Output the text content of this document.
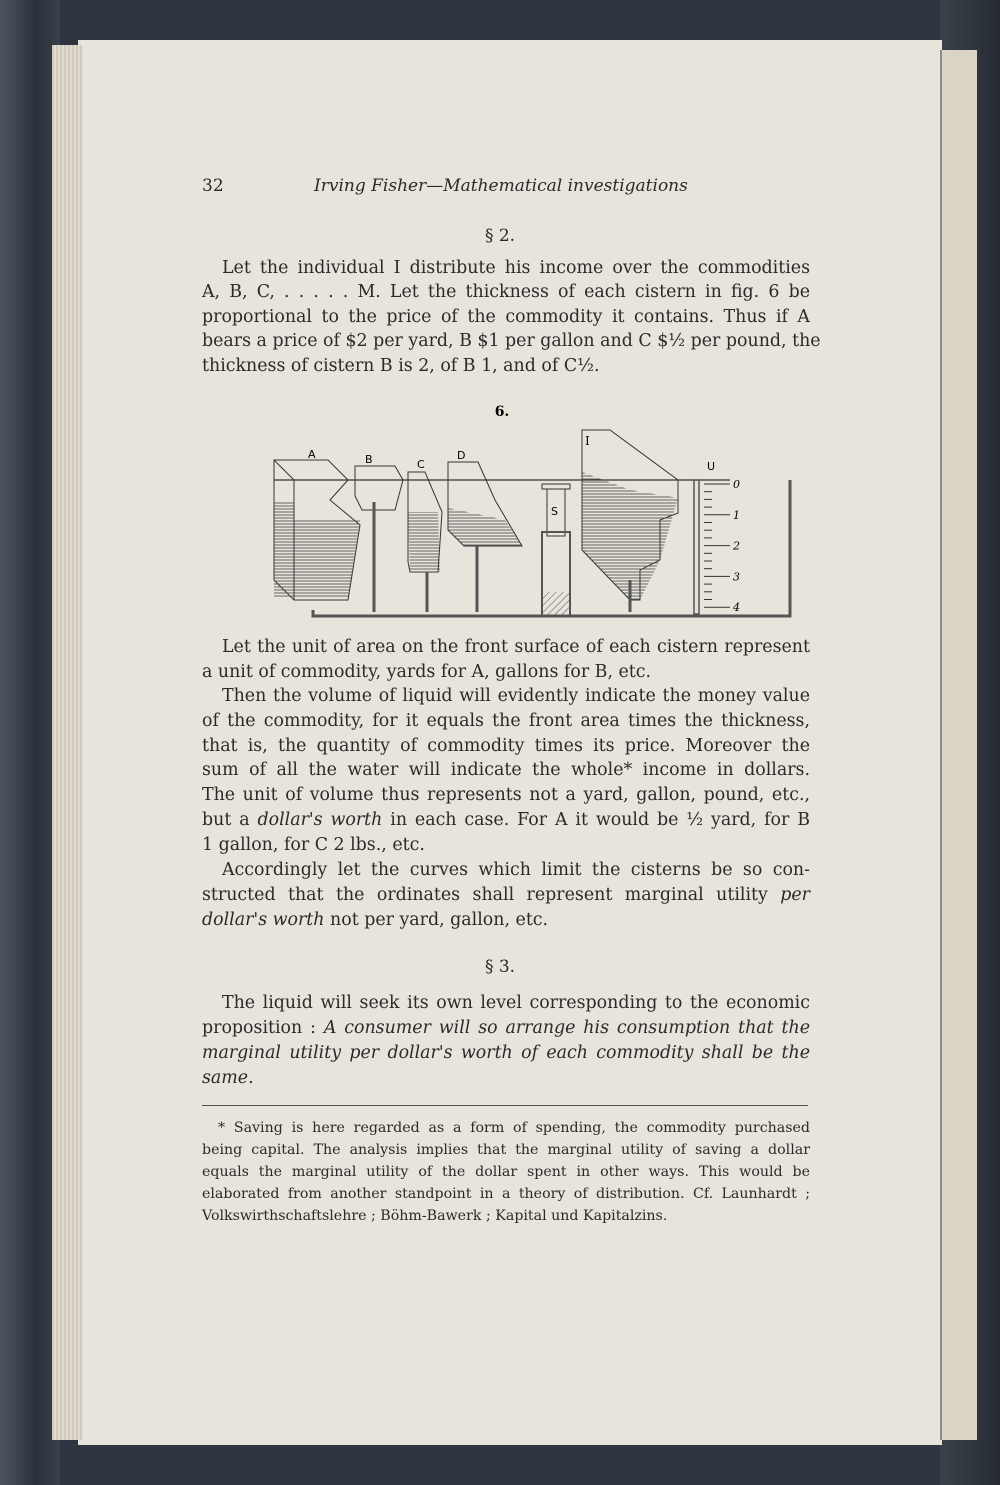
32	Irving Fisher—Mathematical investigations
§ 2.
§ 3.
Let the individual I distribute his income over the commodities
A, B, C, . . . . . M. Let the thickness of each cistern in fig. 6 be
proportional to the price of the commodity it contains. Thus if A
bears a price of $2 per yard, B $1 per gallon and C $½ per pound, the
thickness of cistern B is 2, of B 1, and of C½.
Let the unit of area on the front surface of each cistern represent
a unit of commodity, yards for A, gallons for B, etc.
Then the volume of liquid will evidently indicate the money value
of the commodity, for it equals the front area times the thickness,
that is, the quantity of commodity times its price. Moreover the
sum of all the water will indicate the whole* income in dollars.
The unit of volume thus represents not a yard, gallon, pound, etc.,
but a dollar's worth in each case. For A it would be ½ yard, for B
1 gallon, for C 2 lbs., etc.
Accordingly let the curves which limit the cisterns be so con-
structed that the ordinates shall represent marginal utility per
dollar's worth not per yard, gallon, etc.
The liquid will seek its own level corresponding to the economic
proposition : A consumer will so arrange his consumption that the
marginal utility per dollar's worth of each commodity shall be the
same.
6.
A	B	C
D
I
S
U
0
1
2
3
4
* Saving is here regarded as a form of spending, the commodity purchased
being capital. The analysis implies that the marginal utility of saving a dollar
equals the marginal utility of the dollar spent in other ways. This would be
elaborated from another standpoint in a theory of distribution. Cf. Launhardt ;
Volkswirthschaftslehre ; Böhm-Bawerk ; Kapital und Kapitalzins.
